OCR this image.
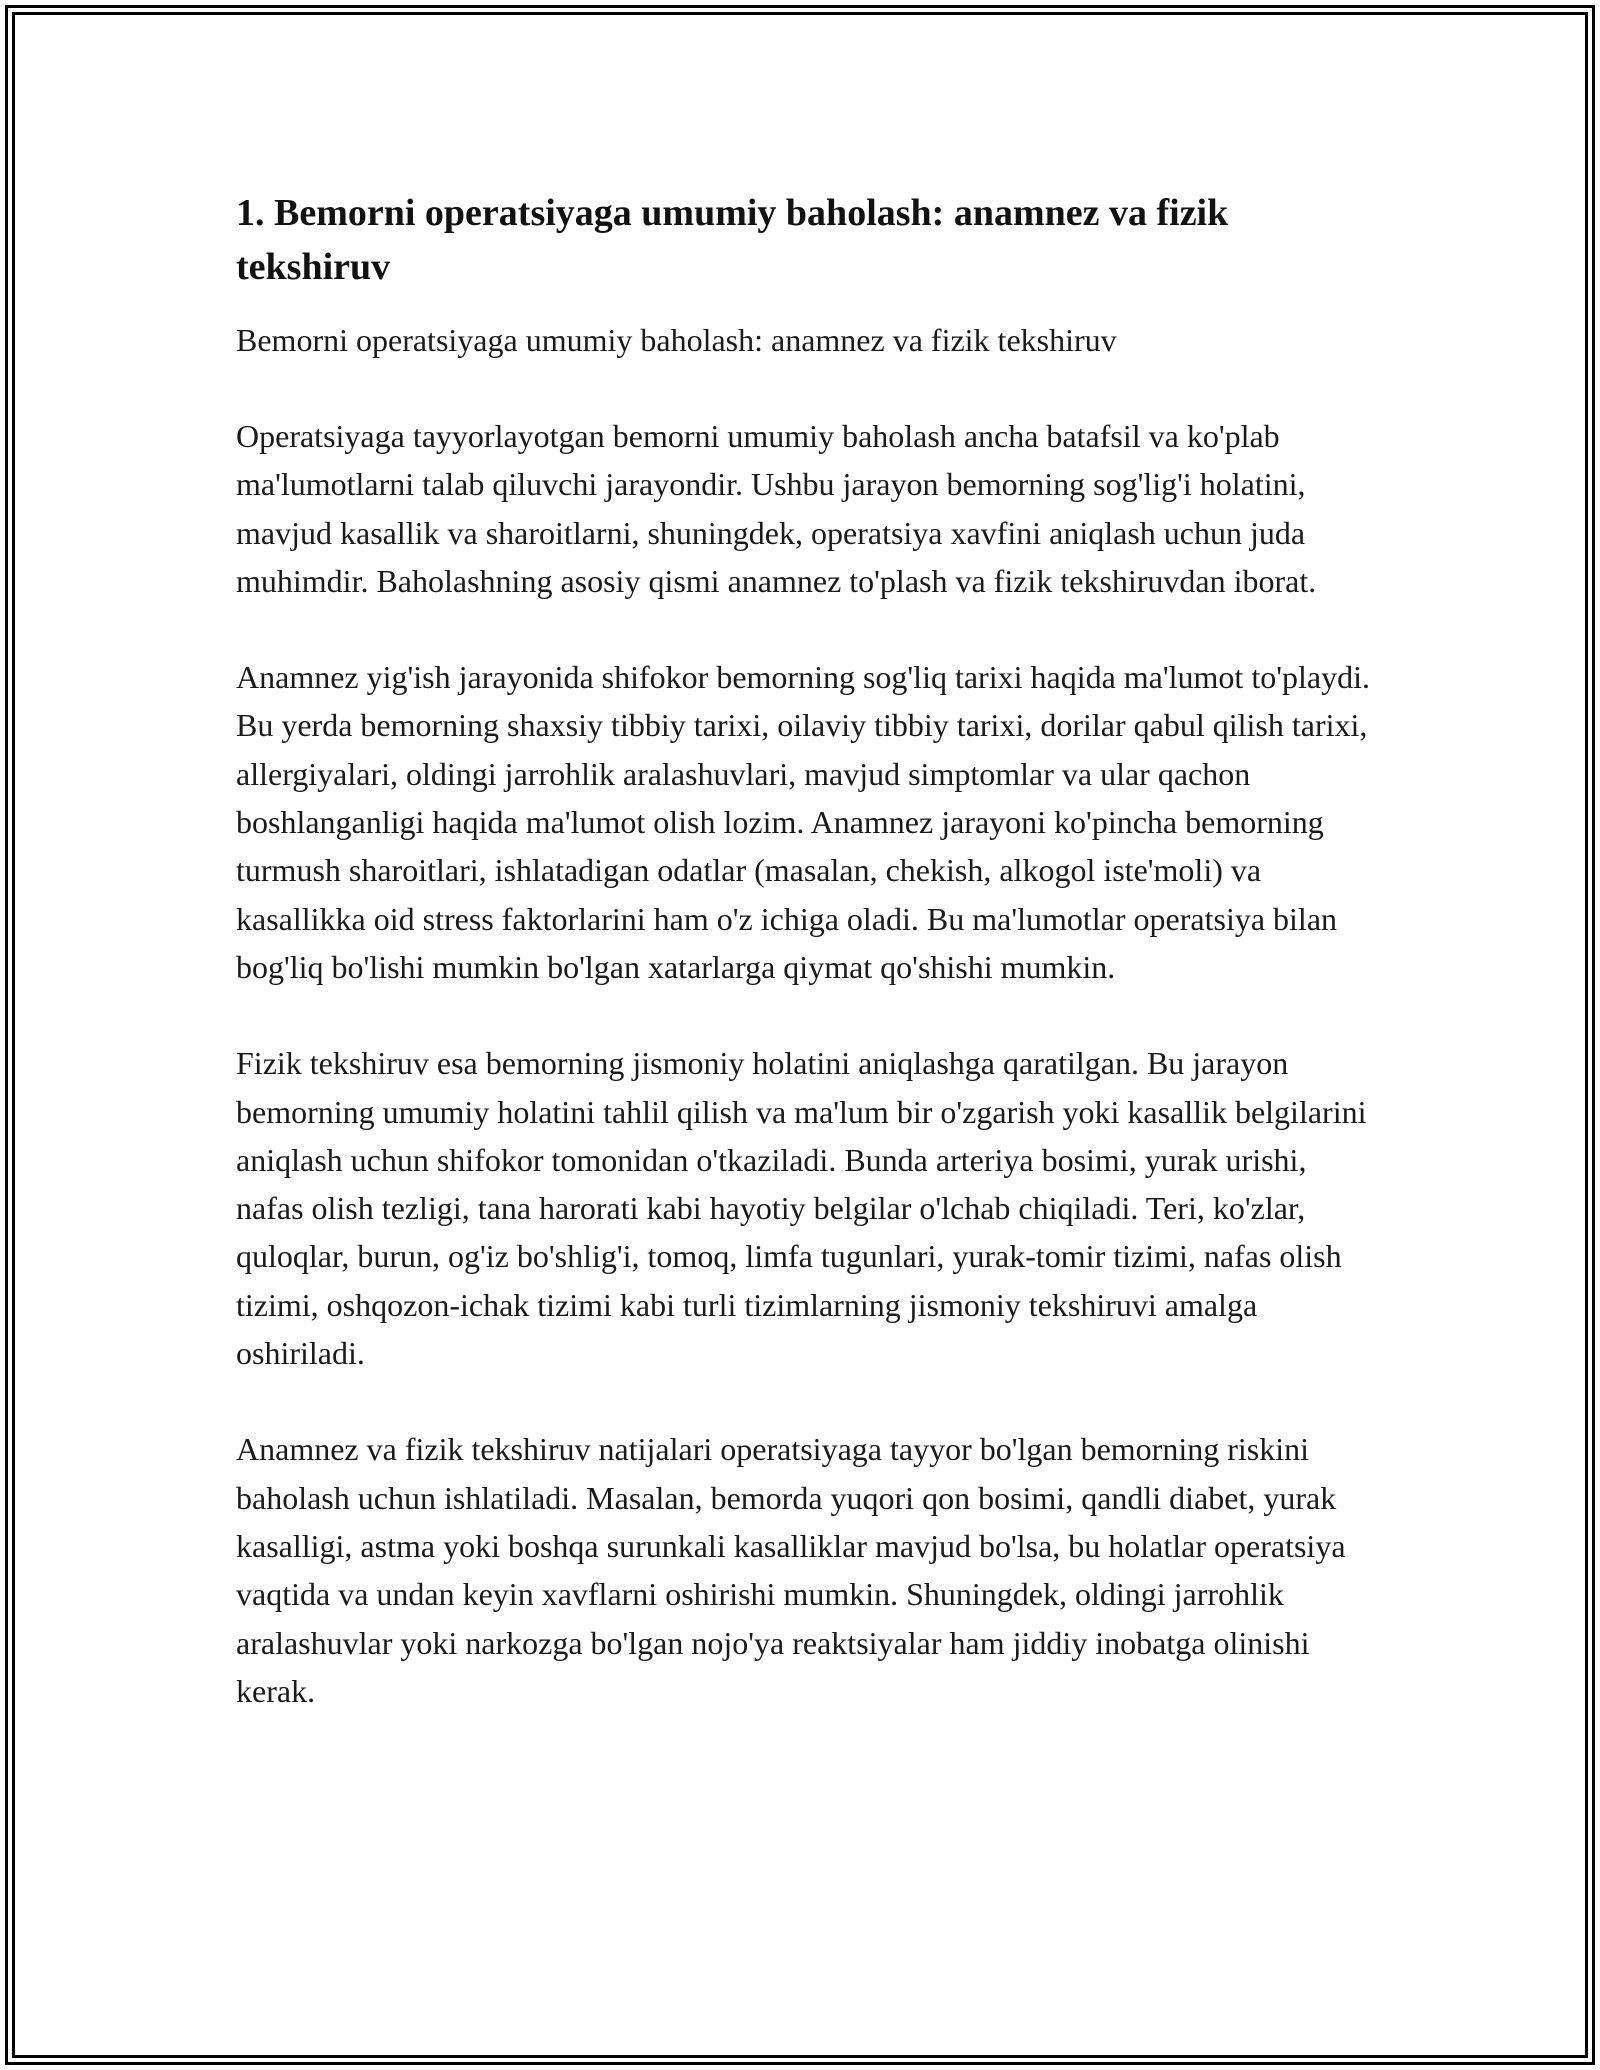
1. Bemorni operatsiyaga umumiy baholash: anamnez va fizik tekshiruv

Bemorni operatsiyaga umumiy baholash: anamnez va fizik tekshiruv

Operatsiyaga tayyorlayotgan bemorni umumiy baholash ancha batafsil va ko'plab ma'lumotlarni talab qiluvchi jarayondir. Ushbu jarayon bemorning sog'lig'i holatini, mavjud kasallik va sharoitlarni, shuningdek, operatsiya xavfini aniqlash uchun juda muhimdir. Baholashning asosiy qismi anamnez to'plash va fizik tekshiruvdan iborat.

Anamnez yig'ish jarayonida shifokor bemorning sog'liq tarixi haqida ma'lumot to'playdi. Bu yerda bemorning shaxsiy tibbiy tarixi, oilaviy tibbiy tarixi, dorilar qabul qilish tarixi, allergiyalari, oldingi jarrohlik aralashuvlari, mavjud simptomlar va ular qachon boshlanganligi haqida ma'lumot olish lozim. Anamnez jarayoni ko'pincha bemorning turmush sharoitlari, ishlatadigan odatlar (masalan, chekish, alkogol iste'moli) va kasallikka oid stress faktorlarini ham o'z ichiga oladi. Bu ma'lumotlar operatsiya bilan bog'liq bo'lishi mumkin bo'lgan xatarlarga qiymat qo'shishi mumkin.

Fizik tekshiruv esa bemorning jismoniy holatini aniqlashga qaratilgan. Bu jarayon bemorning umumiy holatini tahlil qilish va ma'lum bir o'zgarish yoki kasallik belgilarini aniqlash uchun shifokor tomonidan o'tkaziladi. Bunda arteriya bosimi, yurak urishi, nafas olish tezligi, tana harorati kabi hayotiy belgilar o'lchab chiqiladi. Teri, ko'zlar, quloqlar, burun, og'iz bo'shlig'i, tomoq, limfa tugunlari, yurak-tomir tizimi, nafas olish tizimi, oshqozon-ichak tizimi kabi turli tizimlarning jismoniy tekshiruvi amalga oshiriladi.

Anamnez va fizik tekshiruv natijalari operatsiyaga tayyor bo'lgan bemorning riskini baholash uchun ishlatiladi. Masalan, bemorda yuqori qon bosimi, qandli diabet, yurak kasalligi, astma yoki boshqa surunkali kasalliklar mavjud bo'lsa, bu holatlar operatsiya vaqtida va undan keyin xavflarni oshirishi mumkin. Shuningdek, oldingi jarrohlik aralashuvlar yoki narkozga bo'lgan nojo'ya reaktsiyalar ham jiddiy inobatga olinishi kerak.
